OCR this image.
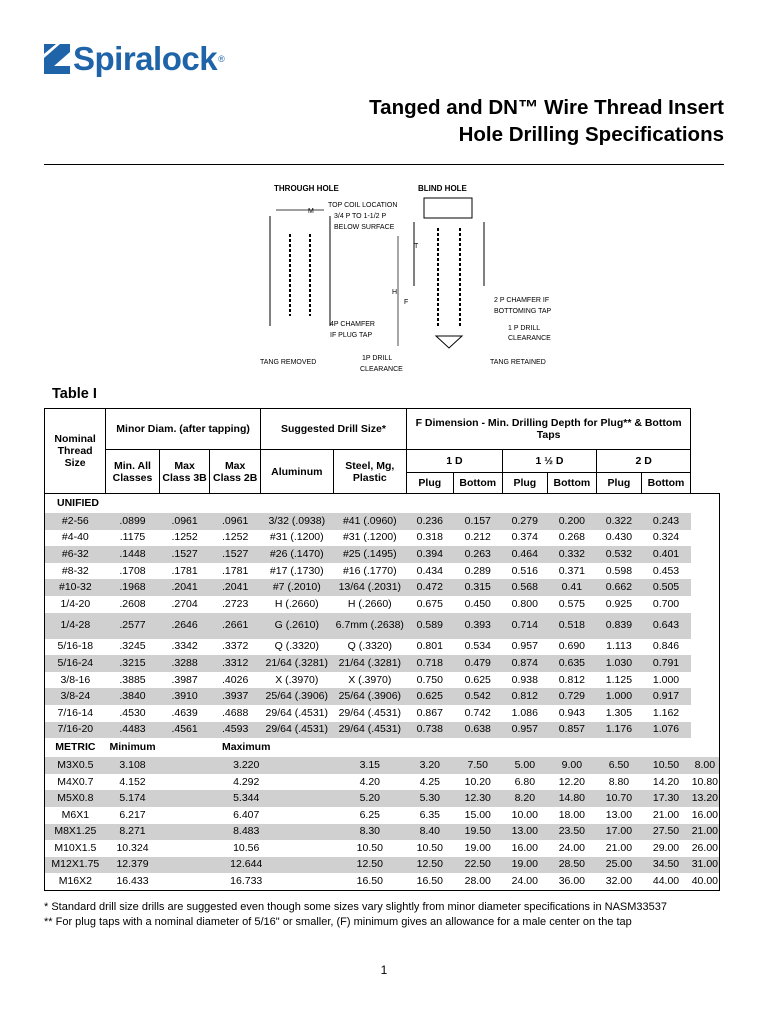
Spiralock ®
Tanged and DN™ Wire Thread Insert
Hole Drilling Specifications
THROUGH HOLE	BLIND HOLE
TOP COIL LOCATION
3/4 P TO 1-1/2 P
BELOW SURFACE
M
H
F
T
2 P CHAMFER IF
BOTTOMING TAP
1 P DRILL
CLEARANCE
4P CHAMFER
IF PLUG TAP
TANG REMOVED
1P DRILL
CLEARANCE
TANG RETAINED
Table I
Nominal Thread Size	Minor Diam. (after tapping)			Suggested Drill Size*		F Dimension - Min. Drilling Depth for Plug** & Bottom Taps						
	Min. All Classes	Max Class 3B	Max Class 2B	Aluminum	Steel, Mg, Plastic	1 D		1 ½ D		2 D		
						Plug	Bottom	Plug	Bottom	Plug	Bottom	
UNIFIED												
#2-56	.0899	.0961	.0961	3/32 (.0938)	#41 (.0960)	0.236	0.157	0.279	0.200	0.322	0.243	
#4-40	.1175	.1252	.1252	#31 (.1200)	#31 (.1200)	0.318	0.212	0.374	0.268	0.430	0.324	
#6-32	.1448	.1527	.1527	#26 (.1470)	#25 (.1495)	0.394	0.263	0.464	0.332	0.532	0.401	
#8-32	.1708	.1781	.1781	#17 (.1730)	#16 (.1770)	0.434	0.289	0.516	0.371	0.598	0.453	
#10-32	.1968	.2041	.2041	#7 (.2010)	13/64 (.2031)	0.472	0.315	0.568	0.41	0.662	0.505	
1/4-20	.2608	.2704	.2723	H (.2660)	H (.2660)	0.675	0.450	0.800	0.575	0.925	0.700	
1/4-28	.2577	.2646	.2661	G (.2610)	6.7mm (.2638)	0.589	0.393	0.714	0.518	0.839	0.643	
5/16-18	.3245	.3342	.3372	Q (.3320)	Q (.3320)	0.801	0.534	0.957	0.690	1.113	0.846	
5/16-24	.3215	.3288	.3312	21/64 (.3281)	21/64 (.3281)	0.718	0.479	0.874	0.635	1.030	0.791	
3/8-16	.3885	.3987	.4026	X (.3970)	X (.3970)	0.750	0.625	0.938	0.812	1.125	1.000	
3/8-24	.3840	.3910	.3937	25/64 (.3906)	25/64 (.3906)	0.625	0.542	0.812	0.729	1.000	0.917	
7/16-14	.4530	.4639	.4688	29/64 (.4531)	29/64 (.4531)	0.867	0.742	1.086	0.943	1.305	1.162	
7/16-20	.4483	.4561	.4593	29/64 (.4531)	29/64 (.4531)	0.738	0.638	0.957	0.857	1.176	1.076	
METRIC	Minimum	Maximum										
M3X0.5	3.108	3.220			3.15	3.20	7.50	5.00	9.00	6.50	10.50	8.00
M4X0.7	4.152	4.292			4.20	4.25	10.20	6.80	12.20	8.80	14.20	10.80
M5X0.8	5.174	5.344			5.20	5.30	12.30	8.20	14.80	10.70	17.30	13.20
M6X1	6.217	6.407			6.25	6.35	15.00	10.00	18.00	13.00	21.00	16.00
M8X1.25	8.271	8.483			8.30	8.40	19.50	13.00	23.50	17.00	27.50	21.00
M10X1.5	10.324	10.56			10.50	10.50	19.00	16.00	24.00	21.00	29.00	26.00
M12X1.75	12.379	12.644			12.50	12.50	22.50	19.00	28.50	25.00	34.50	31.00
M16X2	16.433	16.733			16.50	16.50	28.00	24.00	36.00	32.00	44.00	40.00
* Standard drill size drills are suggested even though some sizes vary slightly from minor diameter specifications in NASM33537
** For plug taps with a nominal diameter of 5/16" or smaller, (F) minimum gives an allowance for a male center on the tap
1
